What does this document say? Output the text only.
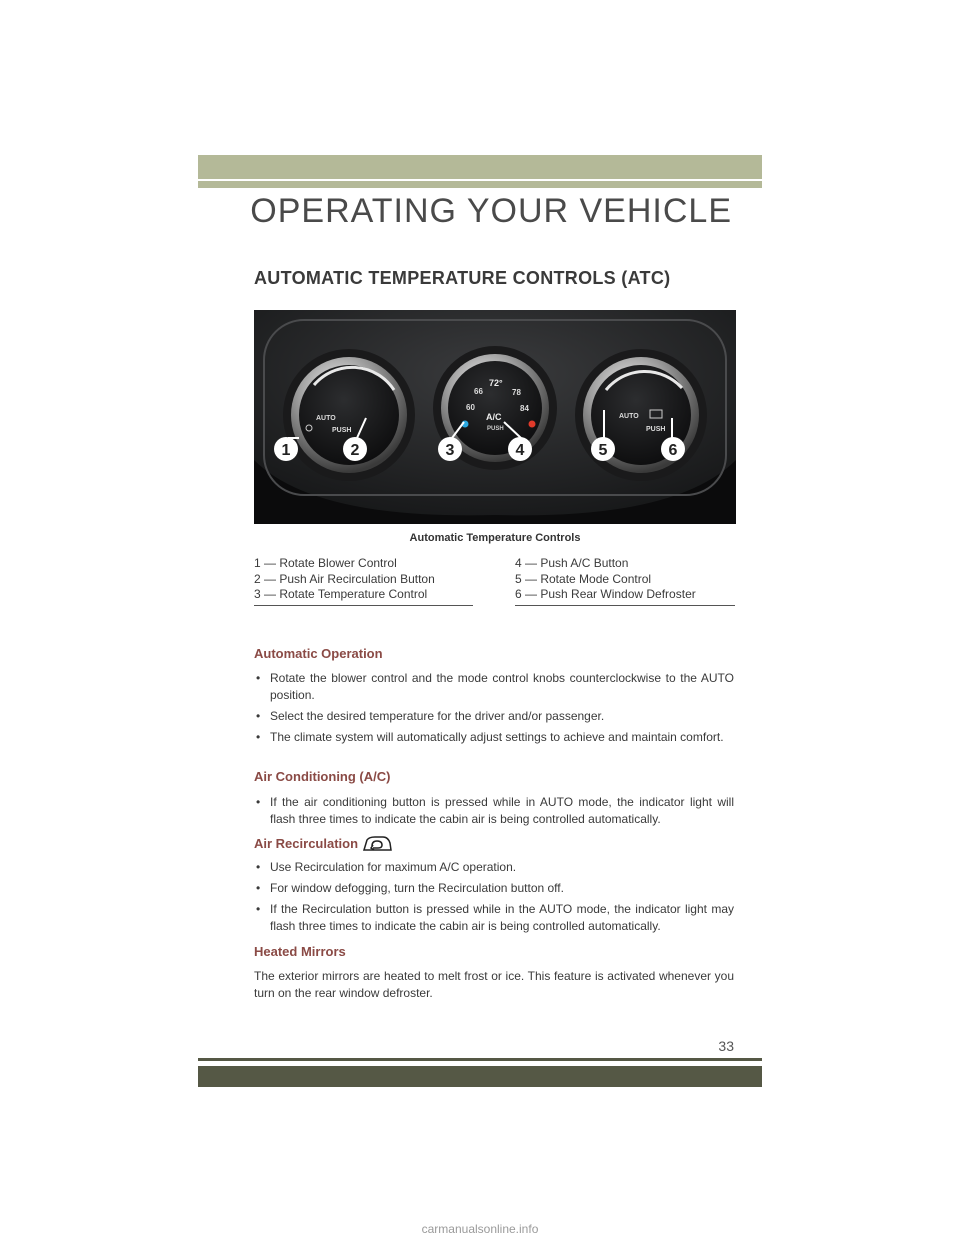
OPERATING YOUR VEHICLE
AUTOMATIC TEMPERATURE CONTROLS (ATC)
AUTO
PUSH
60
66
72°
78
84
A/C
PUSH
AUTO
PUSH
1	2	3	4	5	6
Automatic Temperature Controls
1 — Rotate Blower Control
2 — Push Air Recirculation Button
3 — Rotate Temperature Control
4 — Push A/C Button
5 — Rotate Mode Control
6 — Push Rear Window Defroster
Automatic Operation

• Rotate the blower control and the mode control knobs counterclockwise to the AUTO position.

• Select the desired temperature for the driver and/or passenger.

• The climate system will automatically adjust settings to achieve and maintain comfort.

Air Conditioning (A/C)

• If the air conditioning button is pressed while in AUTO mode, the indicator light will flash three times to indicate the cabin air is being controlled automatically.

Air Recirculation

• Use Recirculation for maximum A/C operation.

• For window defogging, turn the Recirculation button off.

• If the Recirculation button is pressed while in the AUTO mode, the indicator light may flash three times to indicate the cabin air is being controlled automatically.

Heated Mirrors
The exterior mirrors are heated to melt frost or ice. This feature is activated whenever you turn on the rear window defroster.
33
carmanualsonline.info
